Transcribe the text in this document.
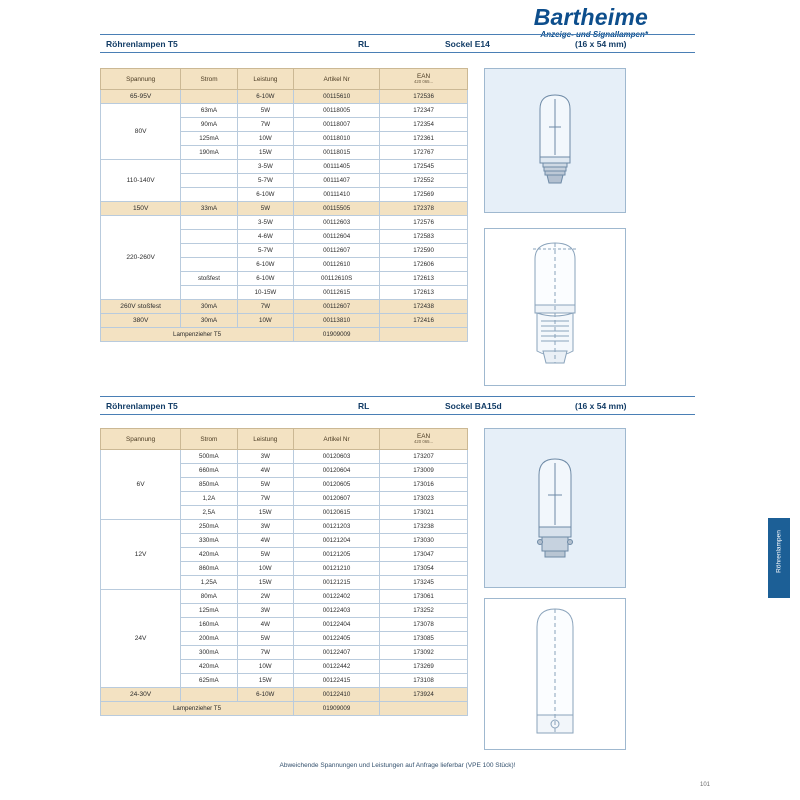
Bartheime
Anzeige- und Signallampen*
Röhrenlampen T5	RL	Sockel E14	(16 x 54 mm)
Spannung	Strom	Leistung	Artikel Nr	EAN
420 065...

65-95V		6-10W	00115610	172536
80V	63mA	5W	00118005	172347
	90mA	7W	00118007	172354
	125mA	10W	00118010	172361
	190mA	15W	00118015	172767
110-140V		3-5W	00111405	172545
		5-7W	00111407	172552
		6-10W	00111410	172569
150V	33mA	5W	00115505	172378
220-260V		3-5W	00112603	172576
		4-6W	00112604	172583
		5-7W	00112607	172590
		6-10W	00112610	172606
	stoßfest	6-10W	00112610S	172613
		10-15W	00112615	172613
260V stoßfest	30mA	7W	00112607	172438
380V	30mA	10W	00113810	172416
Lampenzieher T5			01909009	
Röhrenlampen T5	RL	Sockel BA15d	(16 x 54 mm)
Spannung	Strom	Leistung	Artikel Nr	EAN
420 065...

6V	500mA	3W	00120603	173207
	660mA	4W	00120604	173009
	850mA	5W	00120605	173016
	1,2A	7W	00120607	173023
	2,5A	15W	00120615	173021
12V	250mA	3W	00121203	173238
	330mA	4W	00121204	173030
	420mA	5W	00121205	173047
	860mA	10W	00121210	173054
	1,25A	15W	00121215	173245
24V	80mA	2W	00122402	173061
	125mA	3W	00122403	173252
	160mA	4W	00122404	173078
	200mA	5W	00122405	173085
	300mA	7W	00122407	173092
	420mA	10W	00122442	173269
	625mA	15W	00122415	173108
24-30V		6-10W	00122410	173924
Lampenzieher T5			01909009	
Röhrenlampen
Abweichende Spannungen und Leistungen auf Anfrage lieferbar (VPE 100 Stück)!
101
